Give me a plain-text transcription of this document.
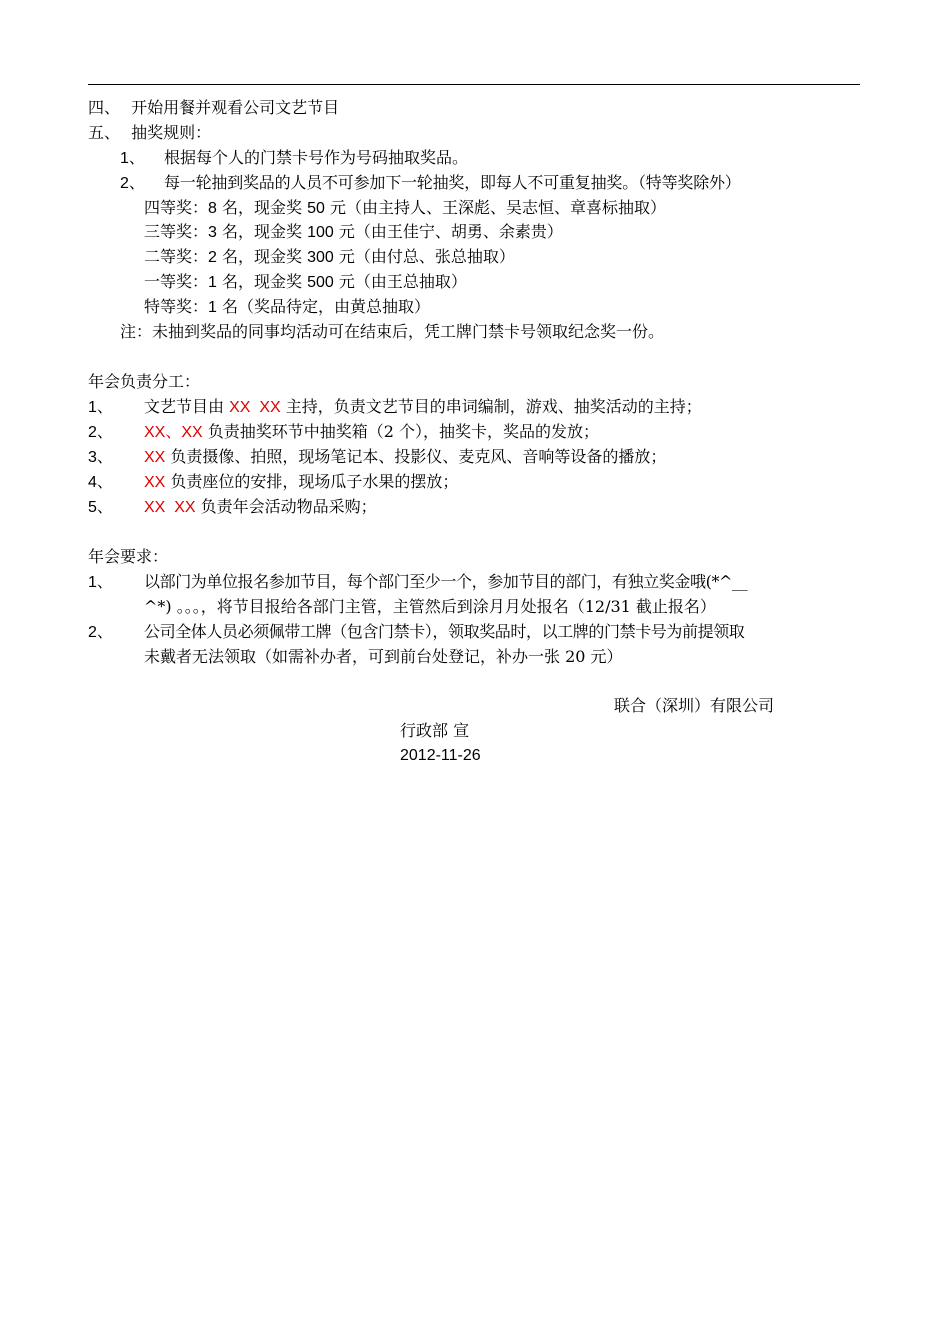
四、 开始用餐并观看公司文艺节目
五、 抽奖规则：
1、 根据每个人的门禁卡号作为号码抽取奖品。
2、 每一轮抽到奖品的人员不可参加下一轮抽奖，即每人不可重复抽奖。（特等奖除外）
四等奖：8 名，现金奖 50 元（由主持人、王深彪、吴志恒、章喜标抽取）
三等奖：3 名，现金奖 100 元（由王佳宁、胡勇、余素贵）
二等奖：2 名，现金奖 300 元（由付总、张总抽取）
一等奖：1 名，现金奖 500 元（由王总抽取）
特等奖：1 名（奖品待定，由黄总抽取）
注：未抽到奖品的同事均活动可在结束后，凭工牌门禁卡号领取纪念奖一份。
年会负责分工：
1、 文艺节目由 XX  XX 主持，负责文艺节目的串词编制，游戏、抽奖活动的主持；
2、 XX、XX 负责抽奖环节中抽奖箱（2 个），抽奖卡，奖品的发放；
3、 XX 负责摄像、拍照，现场笔记本、投影仪、麦克风、音响等设备的播放；
4、 XX 负责座位的安排，现场瓜子水果的摆放；
5、 XX  XX 负责年会活动物品采购；
年会要求：
1、 以部门为单位报名参加节目，每个部门至少一个，参加节目的部门，有独立奖金哦(*^__
^*) 。。。，将节目报给各部门主管，主管然后到涂月月处报名（12/31 截止报名）
2、 公司全体人员必须佩带工牌（包含门禁卡），领取奖品时，以工牌的门禁卡号为前提领取
未戴者无法领取（如需补办者，可到前台处登记，补办一张 20 元）
联合（深圳）有限公司
行政部 宣
2012-11-26
